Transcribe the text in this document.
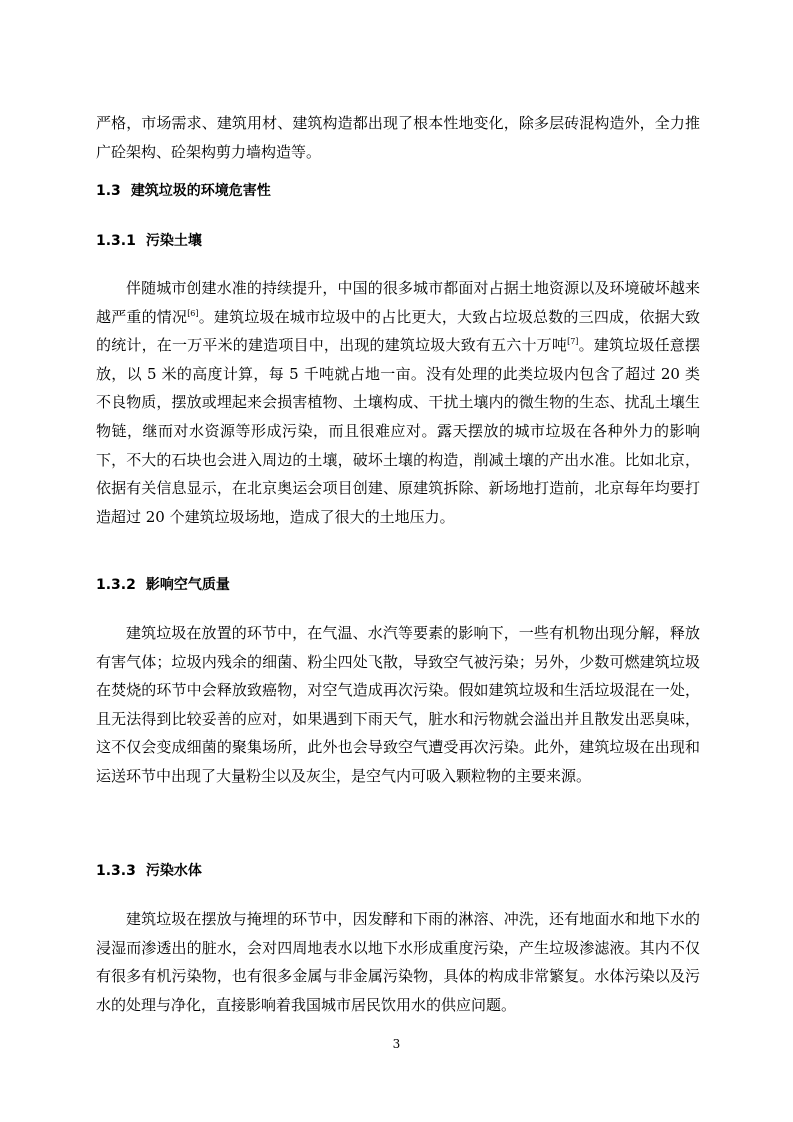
严格，市场需求、建筑用材、建筑构造都出现了根本性地变化，除多层砖混构造外，全力推广砼架构、砼架构剪力墙构造等。

1.3 建筑垃圾的环境危害性
1.3.1 污染土壤

伴随城市创建水准的持续提升，中国的很多城市都面对占据土地资源以及环境破坏越来越严重的情况[6]。建筑垃圾在城市垃圾中的占比更大，大致占垃圾总数的三四成，依据大致的统计，在一万平米的建造项目中，出现的建筑垃圾大致有五六十万吨[7]。建筑垃圾任意摆放，以 5 米的高度计算，每 5 千吨就占地一亩。没有处理的此类垃圾内包含了超过 20 类不良物质，摆放或埋起来会损害植物、土壤构成、干扰土壤内的微生物的生态、扰乱土壤生物链，继而对水资源等形成污染，而且很难应对。露天摆放的城市垃圾在各种外力的影响下，不大的石块也会进入周边的土壤，破坏土壤的构造，削减土壤的产出水准。比如北京，依据有关信息显示，在北京奥运会项目创建、原建筑拆除、新场地打造前，北京每年均要打造超过 20 个建筑垃圾场地，造成了很大的土地压力。

1.3.2 影响空气质量

建筑垃圾在放置的环节中，在气温、水汽等要素的影响下，一些有机物出现分解，释放有害气体；垃圾内残余的细菌、粉尘四处飞散，导致空气被污染；另外，少数可燃建筑垃圾在焚烧的环节中会释放致癌物，对空气造成再次污染。假如建筑垃圾和生活垃圾混在一处，且无法得到比较妥善的应对，如果遇到下雨天气，脏水和污物就会溢出并且散发出恶臭味，这不仅会变成细菌的聚集场所，此外也会导致空气遭受再次污染。此外，建筑垃圾在出现和运送环节中出现了大量粉尘以及灰尘，是空气内可吸入颗粒物的主要来源。

1.3.3 污染水体

建筑垃圾在摆放与掩埋的环节中，因发酵和下雨的淋溶、冲洗，还有地面水和地下水的浸湿而渗透出的脏水，会对四周地表水以地下水形成重度污染，产生垃圾渗滤液。其内不仅有很多有机污染物，也有很多金属与非金属污染物，具体的构成非常繁复。水体污染以及污水的处理与净化，直接影响着我国城市居民饮用水的供应问题。

3
